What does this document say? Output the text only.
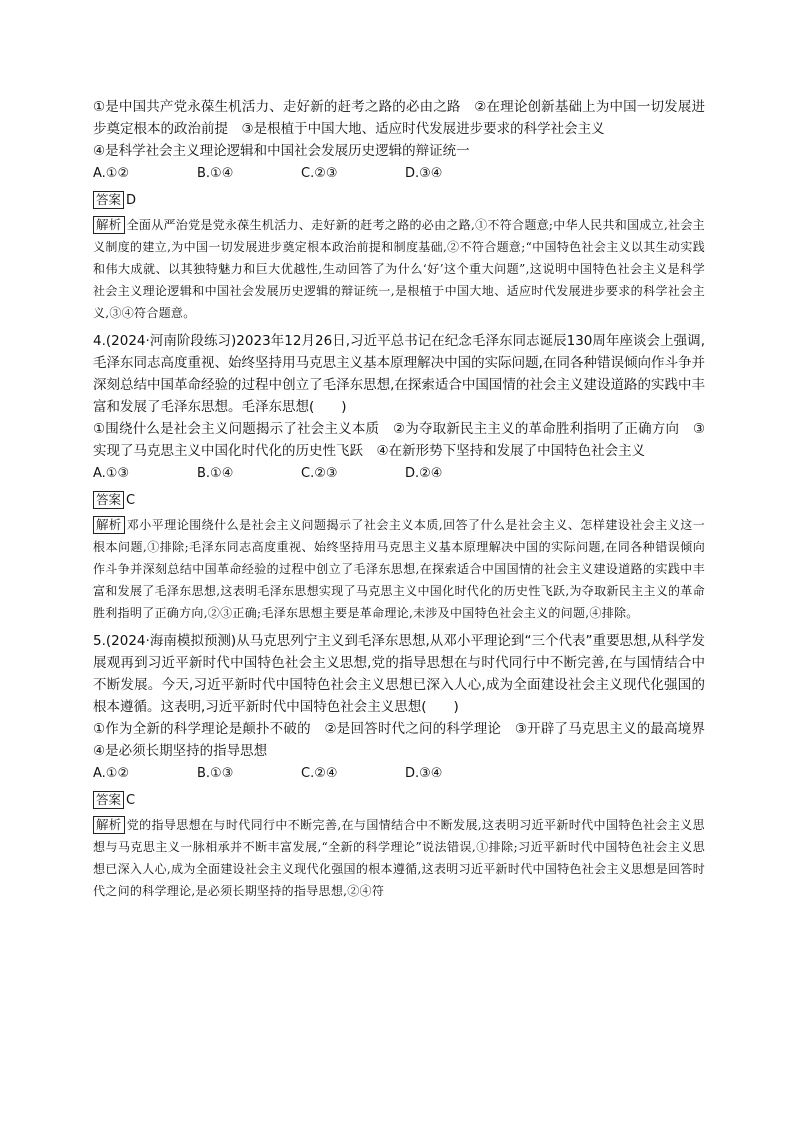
①是中国共产党永葆生机活力、走好新的赶考之路的必由之路　②在理论创新基础上为中国一切发展进步奠定根本的政治前提　③是根植于中国大地、适应时代发展进步要求的科学社会主义

④是科学社会主义理论逻辑和中国社会发展历史逻辑的辩证统一

A.①②	B.①④	C.②③	D.③④
答案 D
解析 全面从严治党是党永葆生机活力、走好新的赶考之路的必由之路,①不符合题意;中华人民共和国成立,社会主义制度的建立,为中国一切发展进步奠定根本政治前提和制度基础,②不符合题意;“中国特色社会主义以其生动实践和伟大成就、以其独特魅力和巨大优越性,生动回答了为什么‘好’这个重大问题”,这说明中国特色社会主义是科学社会主义理论逻辑和中国社会发展历史逻辑的辩证统一,是根植于中国大地、适应时代发展进步要求的科学社会主义,③④符合题意。

4.(2024·河南阶段练习)2023年12月26日,习近平总书记在纪念毛泽东同志诞辰130周年座谈会上强调,毛泽东同志高度重视、始终坚持用马克思主义基本原理解决中国的实际问题,在同各种错误倾向作斗争并深刻总结中国革命经验的过程中创立了毛泽东思想,在探索适合中国国情的社会主义建设道路的实践中丰富和发展了毛泽东思想。毛泽东思想(　　)

①围绕什么是社会主义问题揭示了社会主义本质　②为夺取新民主主义的革命胜利指明了正确方向　③实现了马克思主义中国化时代化的历史性飞跃　④在新形势下坚持和发展了中国特色社会主义

A.①③	B.①④	C.②③	D.②④
答案 C
解析 邓小平理论围绕什么是社会主义问题揭示了社会主义本质,回答了什么是社会主义、怎样建设社会主义这一根本问题,①排除;毛泽东同志高度重视、始终坚持用马克思主义基本原理解决中国的实际问题,在同各种错误倾向作斗争并深刻总结中国革命经验的过程中创立了毛泽东思想,在探索适合中国国情的社会主义建设道路的实践中丰富和发展了毛泽东思想,这表明毛泽东思想实现了马克思主义中国化时代化的历史性飞跃,为夺取新民主主义的革命胜利指明了正确方向,②③正确;毛泽东思想主要是革命理论,未涉及中国特色社会主义的问题,④排除。

5.(2024·海南模拟预测)从马克思列宁主义到毛泽东思想,从邓小平理论到“三个代表”重要思想,从科学发展观再到习近平新时代中国特色社会主义思想,党的指导思想在与时代同行中不断完善,在与国情结合中不断发展。今天,习近平新时代中国特色社会主义思想已深入人心,成为全面建设社会主义现代化强国的根本遵循。这表明,习近平新时代中国特色社会主义思想(　　)

①作为全新的科学理论是颠扑不破的　②是回答时代之问的科学理论　③开辟了马克思主义的最高境界　④是必须长期坚持的指导思想

A.①②	B.①③	C.②④	D.③④
答案 C
解析 党的指导思想在与时代同行中不断完善,在与国情结合中不断发展,这表明习近平新时代中国特色社会主义思想与马克思主义一脉相承并不断丰富发展,“全新的科学理论”说法错误,①排除;习近平新时代中国特色社会主义思想已深入人心,成为全面建设社会主义现代化强国的根本遵循,这表明习近平新时代中国特色社会主义思想是回答时代之问的科学理论,是必须长期坚持的指导思想,②④符
